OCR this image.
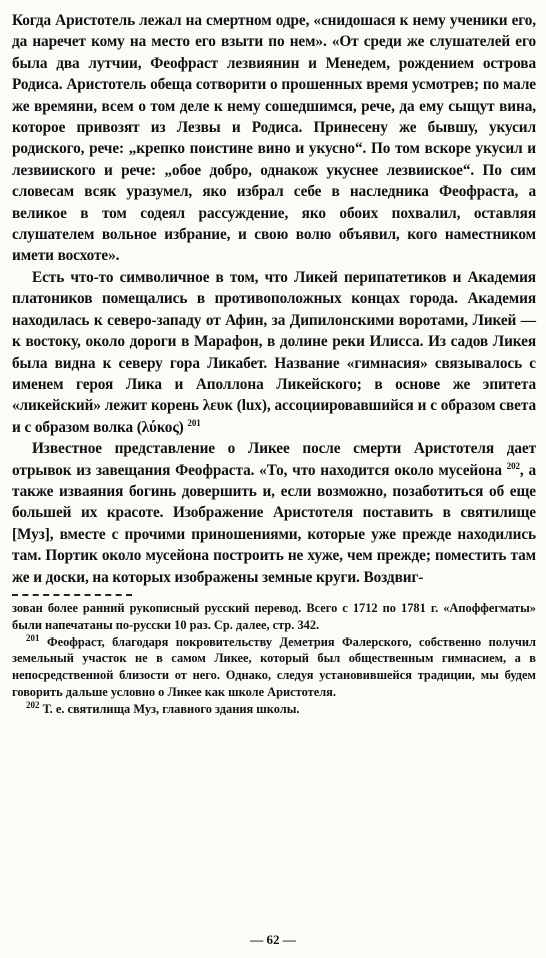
Когда Аристотель лежал на смертном одре, «снидошася к нему ученики его, да наречет кому на место его взыти по нем». «От среди же слушателей его была два лутчии, Феофраст лезвиянин и Менедем, рождением острова Родиса. Аристотель обеща сотворити о прошенных время усмотрев; по мале же времяни, всем о том деле к нему сошедшимся, рече, да ему сыщут вина, которое привозят из Лезвы и Родиса. Принесену же бывшу, укусил родиского, рече: „крепко поистине вино и укусно“. По том вскоре укусил и лезвииского и рече: „обое добро, однакож укуснее лезвииское“. По сим словесам всяк уразумел, яко избрал себе в наследника Феофраста, а великое в том содеял рассуждение, яко обоих похвалил, оставляя слушателем вольное избрание, и свою волю объявил, кого наместником имети восхоте».

Есть что-то символичное в том, что Ликей перипатетиков и Академия платоников помещались в противоположных концах города. Академия находилась к северо-западу от Афин, за Дипилонскими воротами, Ликей — к востоку, около дороги в Марафон, в долине реки Илисса. Из садов Ликея была видна к северу гора Ликабет. Название «гимнасия» связывалось с именем героя Лика и Аполлона Ликейского; в основе же эпитета «ликейский» лежит корень λευκ (lux), ассоциировавшийся и с образом света и с образом волка (λύκος) $^{201}$

Известное представление о Ликее после смерти Аристотеля дает отрывок из завещания Феофраста. «То, что находится около мусейона $^{202}$, а также изваяния богинь довершить и, если возможно, позаботиться об еще большей их красоте. Изображение Аристотеля поставить в святилище [Муз], вместе с прочими приношениями, которые уже прежде находились там. Портик около мусейона построить не хуже, чем прежде; поместить там же и доски, на которых изображены земные круги. Воздвиг-

зован более ранний рукописный русский перевод. Всего с 1712 по 1781 г. «Апоффегматы» были напечатаны по-русски 10 раз. Ср. далее, стр. 342.

$^{201}$ Феофраст, благодаря покровительству Деметрия Фалерского, собственно получил земельный участок не в самом Ликее, который был общественным гимнасием, а в непосредственной близости от него. Однако, следуя установившейся традиции, мы будем говорить дальше условно о Ликее как школе Аристотеля.

$^{202}$ Т. е. святилища Муз, главного здания школы.

— 62 —
